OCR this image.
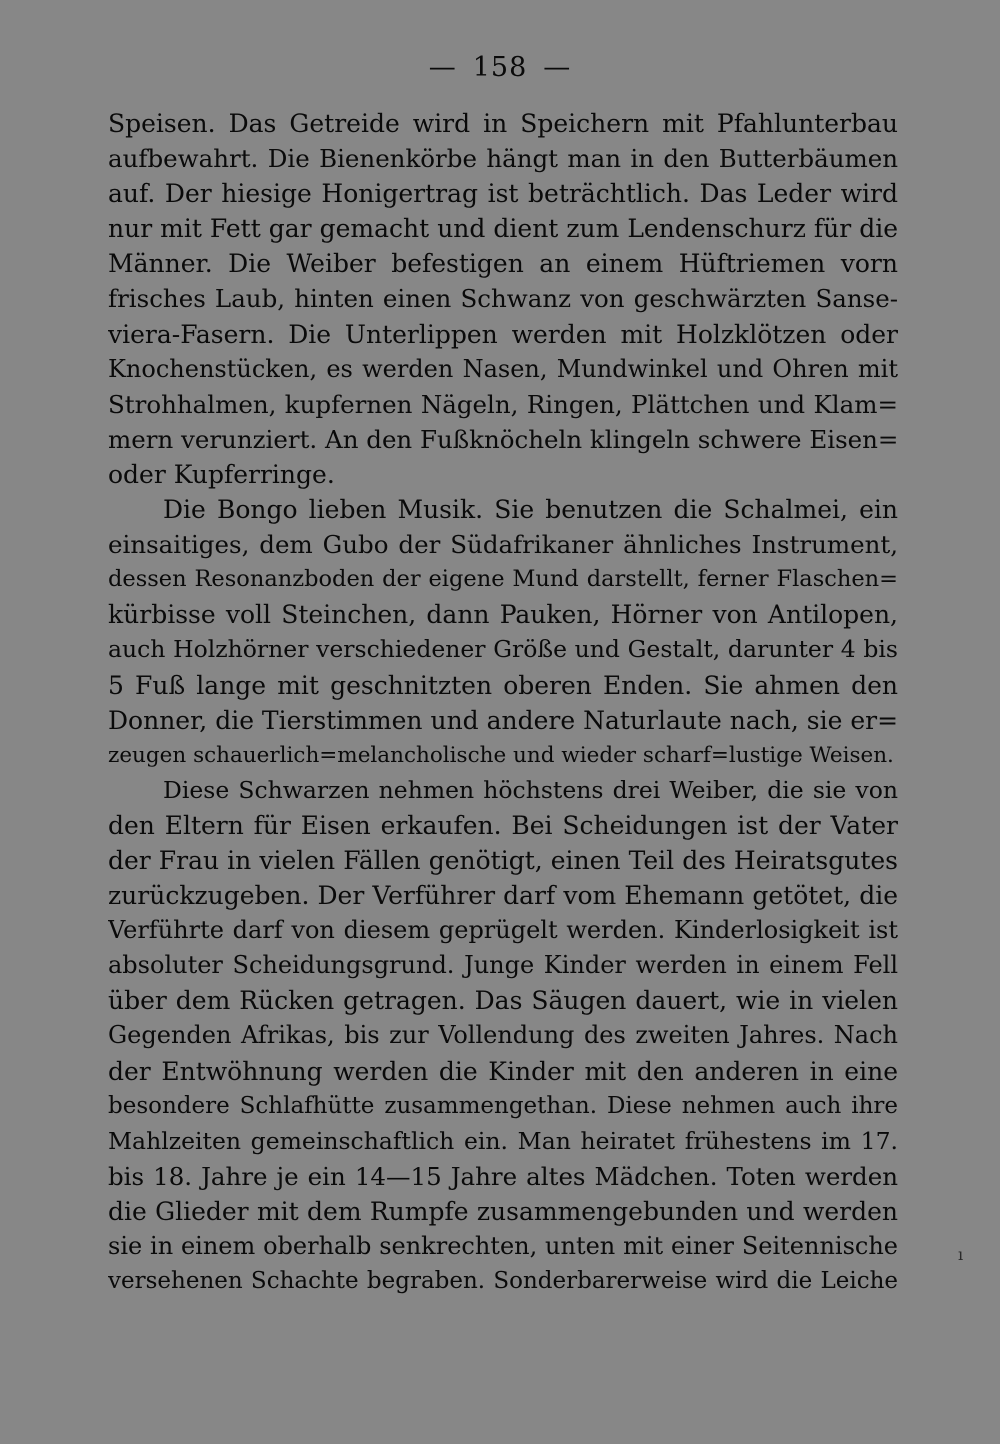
— 158 —
Speisen. Das Getreide wird in Speichern mit Pfahlunterbau
aufbewahrt. Die Bienenkörbe hängt man in den Butterbäumen
auf. Der hiesige Honigertrag ist beträchtlich. Das Leder wird
nur mit Fett gar gemacht und dient zum Lendenschurz für die
Männer. Die Weiber befestigen an einem Hüftriemen vorn
frisches Laub, hinten einen Schwanz von geschwärzten Sanse-
viera-Fasern. Die Unterlippen werden mit Holzklötzen oder
Knochenstücken, es werden Nasen, Mundwinkel und Ohren mit
Strohhalmen, kupfernen Nägeln, Ringen, Plättchen und Klam=
mern verunziert. An den Fußknöcheln klingeln schwere Eisen=
oder Kupferringe.
Die Bongo lieben Musik. Sie benutzen die Schalmei, ein
einsaitiges, dem Gubo der Südafrikaner ähnliches Instrument,
dessen Resonanzboden der eigene Mund darstellt, ferner Flaschen=
kürbisse voll Steinchen, dann Pauken, Hörner von Antilopen,
auch Holzhörner verschiedener Größe und Gestalt, darunter 4 bis
5 Fuß lange mit geschnitzten oberen Enden. Sie ahmen den
Donner, die Tierstimmen und andere Naturlaute nach, sie er=
zeugen schauerlich=melancholische und wieder scharf=lustige Weisen.
Diese Schwarzen nehmen höchstens drei Weiber, die sie von
den Eltern für Eisen erkaufen. Bei Scheidungen ist der Vater
der Frau in vielen Fällen genötigt, einen Teil des Heiratsgutes
zurückzugeben. Der Verführer darf vom Ehemann getötet, die
Verführte darf von diesem geprügelt werden. Kinderlosigkeit ist
absoluter Scheidungsgrund. Junge Kinder werden in einem Fell
über dem Rücken getragen. Das Säugen dauert, wie in vielen
Gegenden Afrikas, bis zur Vollendung des zweiten Jahres. Nach
der Entwöhnung werden die Kinder mit den anderen in eine
besondere Schlafhütte zusammengethan. Diese nehmen auch ihre
Mahlzeiten gemeinschaftlich ein. Man heiratet frühestens im 17.
bis 18. Jahre je ein 14—15 Jahre altes Mädchen. Toten werden
die Glieder mit dem Rumpfe zusammengebunden und werden
sie in einem oberhalb senkrechten, unten mit einer Seitennische
versehenen Schachte begraben. Sonderbarerweise wird die Leiche
ı
